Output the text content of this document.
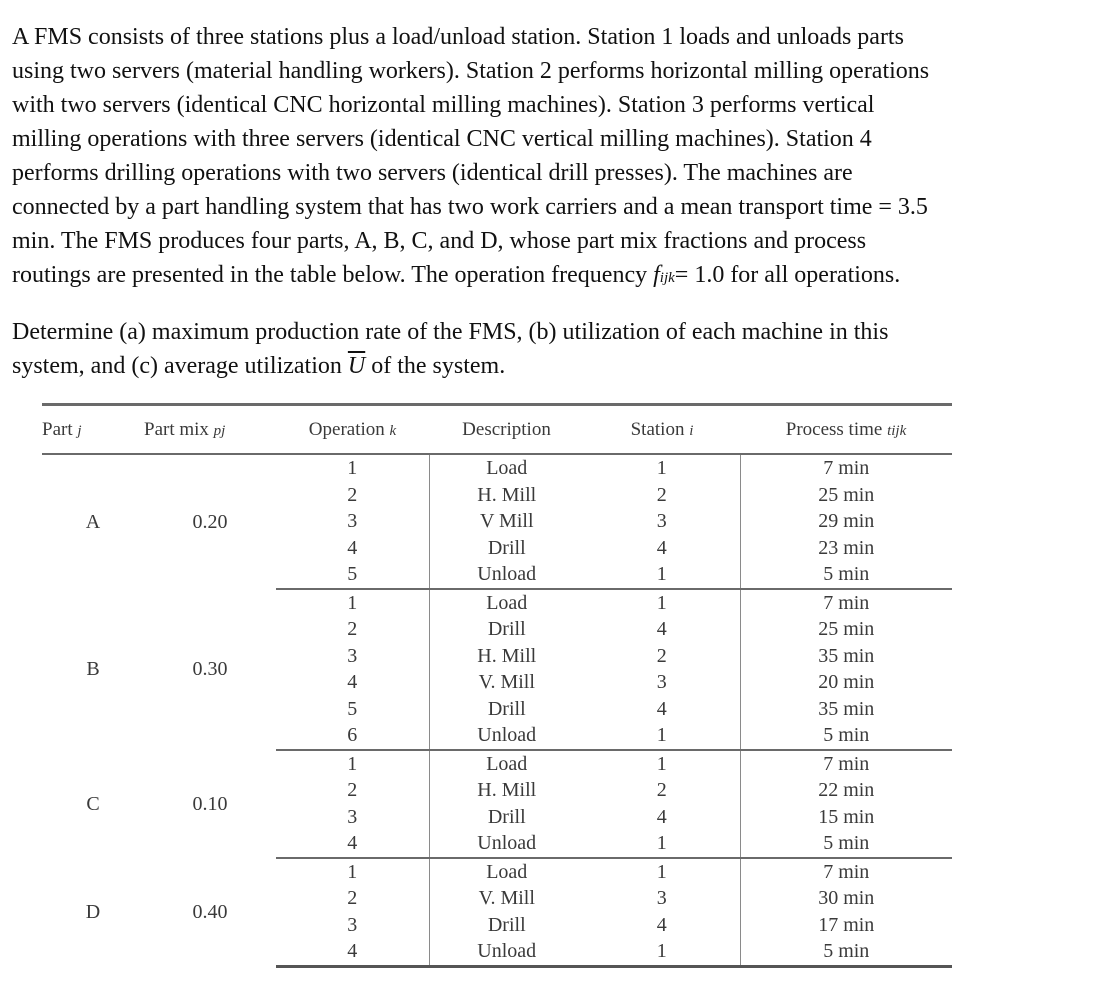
A FMS consists of three stations plus a load/unload station. Station 1 loads and unloads parts
using two servers (material handling workers). Station 2 performs horizontal milling operations
with two servers (identical CNC horizontal milling machines). Station 3 performs vertical
milling operations with three servers (identical CNC vertical milling machines). Station 4
performs drilling operations with two servers (identical drill presses). The machines are
connected by a part handling system that has two work carriers and a mean transport time = 3.5
min. The FMS produces four parts, A, B, C, and D, whose part mix fractions and process
routings are presented in the table below. The operation frequency fijk= 1.0 for all operations.

Determine (a) maximum production rate of the FMS, (b) utilization of each machine in this
system, and (c) average utilization $\overline{U}$ of the system.

Part j	Part mix pj	Operation k	Description	Station i	Process time tijk
A	0.20	1	Load	1	7 min
		2	H. Mill	2	25 min
		3	V Mill	3	29 min
		4	Drill	4	23 min
		5	Unload	1	5 min
B	0.30	1	Load	1	7 min
		2	Drill	4	25 min
		3	H. Mill	2	35 min
		4	V. Mill	3	20 min
		5	Drill	4	35 min
		6	Unload	1	5 min
C	0.10	1	Load	1	7 min
		2	H. Mill	2	22 min
		3	Drill	4	15 min
		4	Unload	1	5 min
D	0.40	1	Load	1	7 min
		2	V. Mill	3	30 min
		3	Drill	4	17 min
		4	Unload	1	5 min
